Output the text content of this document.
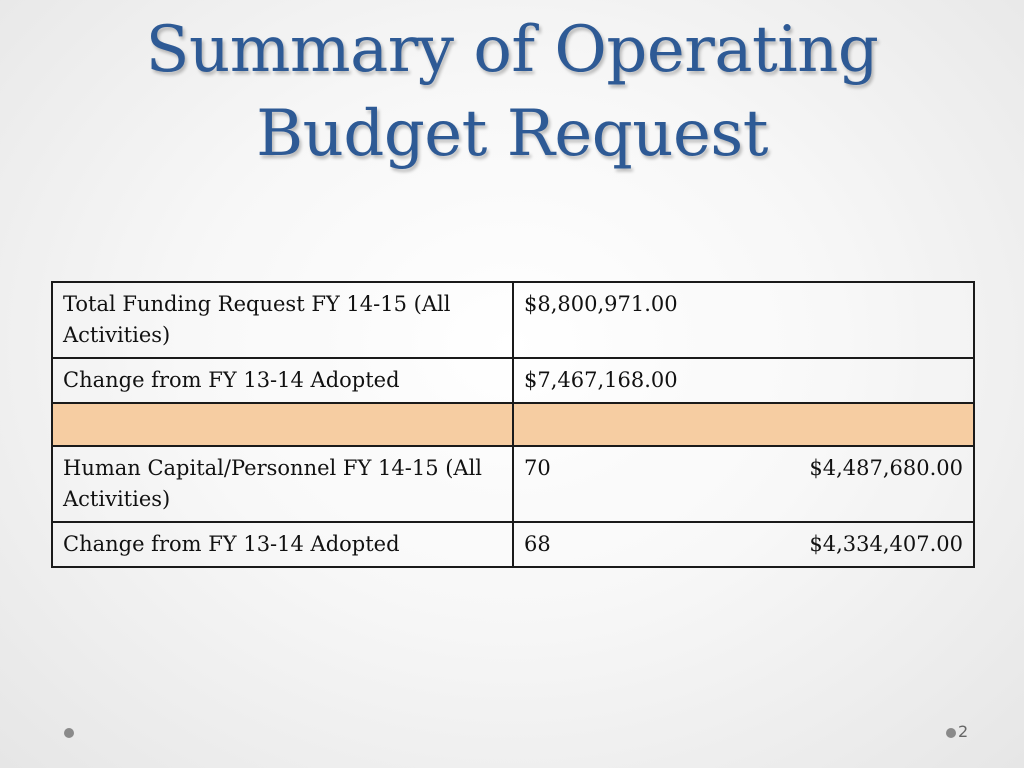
Summary of Operating
Budget Request
Total Funding Request FY 14-15 (All Activities)	$8,800,971.00
Change from FY 13-14 Adopted	$7,467,168.00

Human Capital/Personnel FY 14-15 (All Activities)	70 $4,487,680.00

Change from FY 13-14 Adopted	68 $4,334,407.00
2
